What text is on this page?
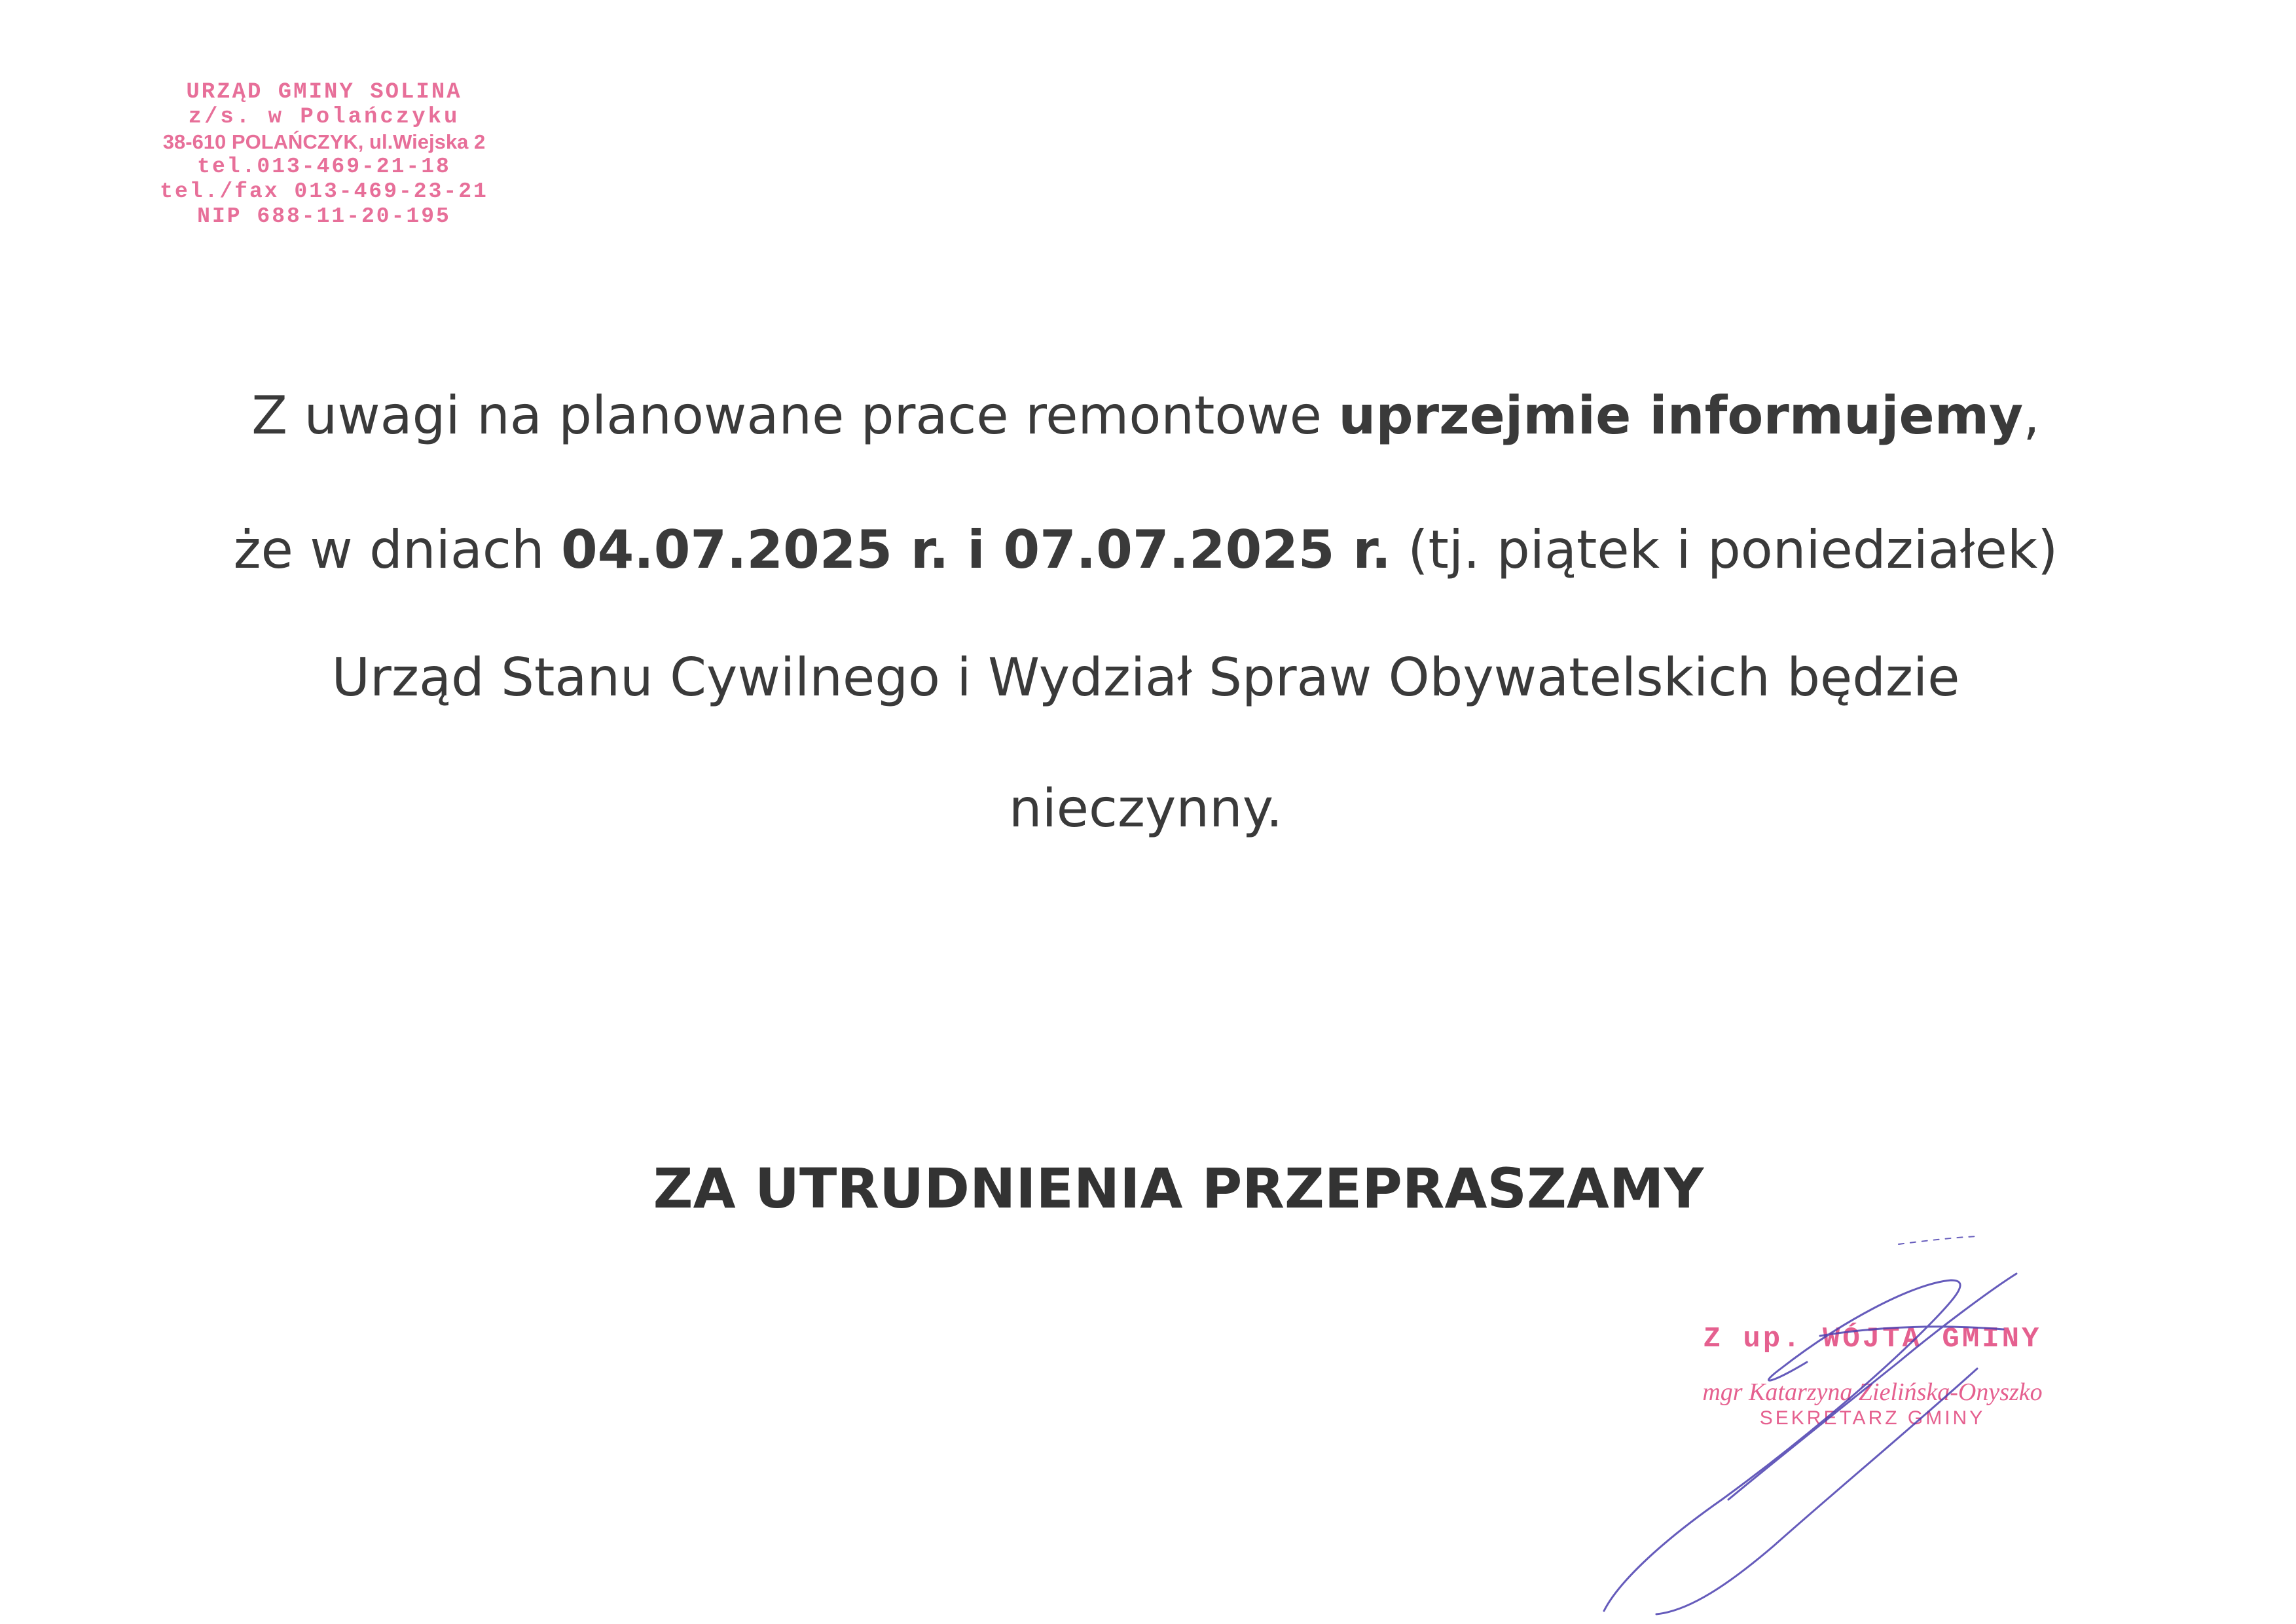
URZĄD GMINY SOLINA
z/s. w Polańczyku
38-610 POLAŃCZYK, ul.Wiejska 2
tel.013-469-21-18
tel./fax 013-469-23-21
NIP 688-11-20-195
Z uwagi na planowane prace remontowe uprzejmie informujemy,
że w dniach 04.07.2025 r. i 07.07.2025 r. (tj. piątek i poniedziałek)
Urząd Stanu Cywilnego i Wydział Spraw Obywatelskich będzie
nieczynny.
ZA UTRUDNIENIA PRZEPRASZAMY
Z up. WÓJTA GMINY
mgr Katarzyna Zielińska-Onyszko
SEKRETARZ GMINY
